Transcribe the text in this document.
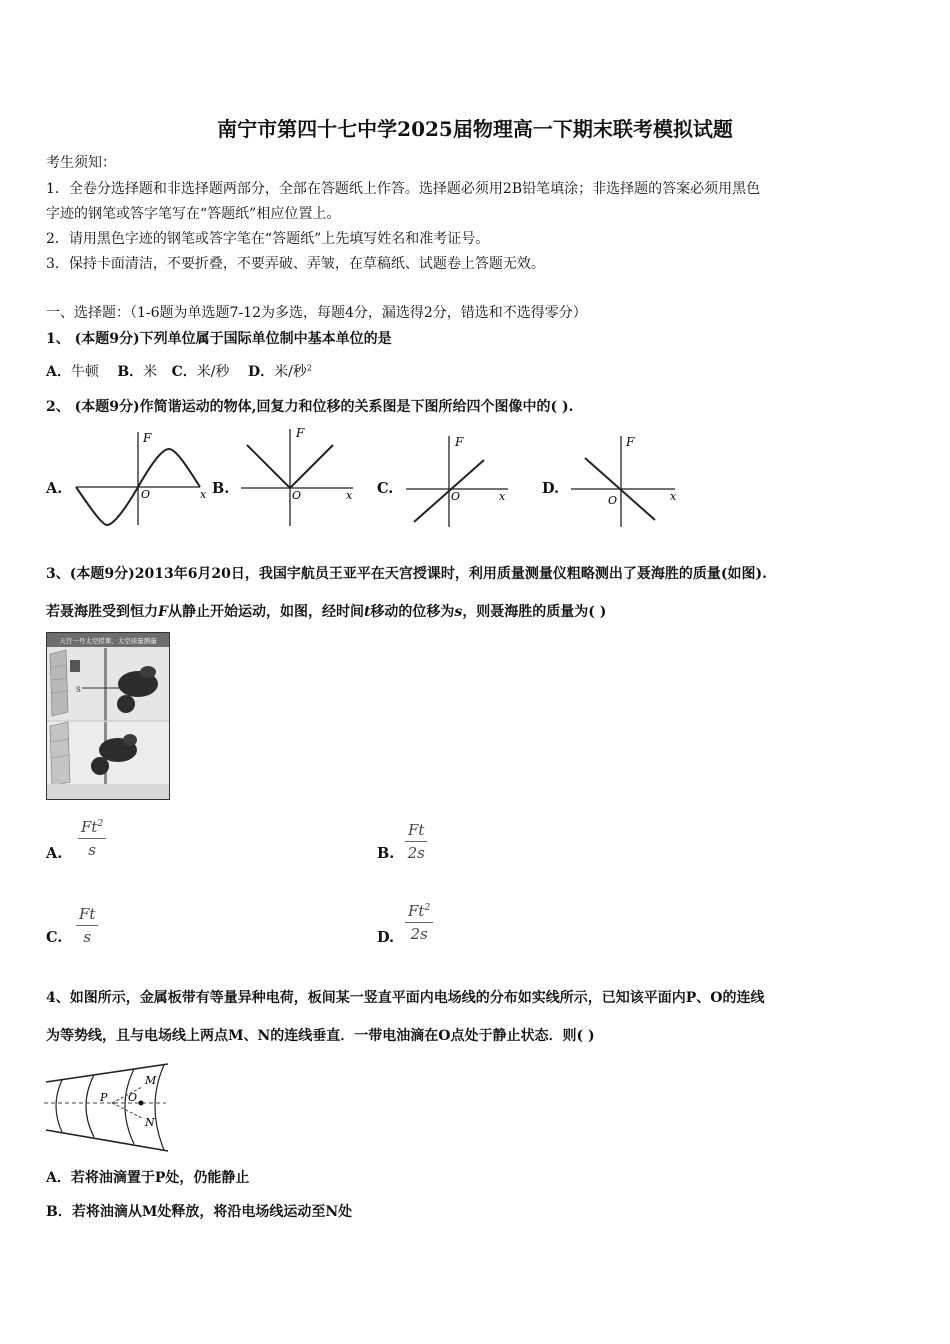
南宁市第四十七中学2025届物理高一下期末联考模拟试题
考生须知：
1．全卷分选择题和非选择题两部分，全部在答题纸上作答。选择题必须用2B铅笔填涂；非选择题的答案必须用黑色
字迹的钢笔或答字笔写在“答题纸”相应位置上。
2．请用黑色字迹的钢笔或答字笔在“答题纸”上先填写姓名和准考证号。
3．保持卡面清洁，不要折叠，不要弄破、弄皱，在草稿纸、试题卷上答题无效。
一、选择题：（1-6题为单选题7-12为多选，每题4分，漏选得2分，错选和不选得零分）
1、 (本题9分)下列单位属于国际单位制中基本单位的是
A．牛顿 B．米 C．米/秒 D．米/秒$^2$
2、 (本题9分)作简谐运动的物体,回复力和位移的关系图是下图所给四个图像中的( ).
A.
F
x
O	B.
F
x
O	C.
F
x
O	D.
F
x
O
3、(本题9分)2013年6月20日，我国宇航员王亚平在天宫授课时，利用质量测量仪粗略测出了聂海胜的质量(如图).
若聂海胜受到恒力F从静止开始运动，如图，经时间t移动的位移为s，则聂海胜的质量为( )
天宫一号太空授课、太空质量测量
S
A. $\frac{Ft^2}{s}$	B. $\frac{Ft}{2s}$
C. $\frac{Ft}{s}$	D. $\frac{Ft^2}{2s}$
4、如图所示，金属板带有等量异种电荷，板间某一竖直平面内电场线的分布如实线所示，已知该平面内P、O的连线
为等势线，且与电场线上两点M、N的连线垂直．一带电油滴在O点处于静止状态．则( )
M
P O
N
A．若将油滴置于P处，仍能静止
B．若将油滴从M处释放，将沿电场线运动至N处
